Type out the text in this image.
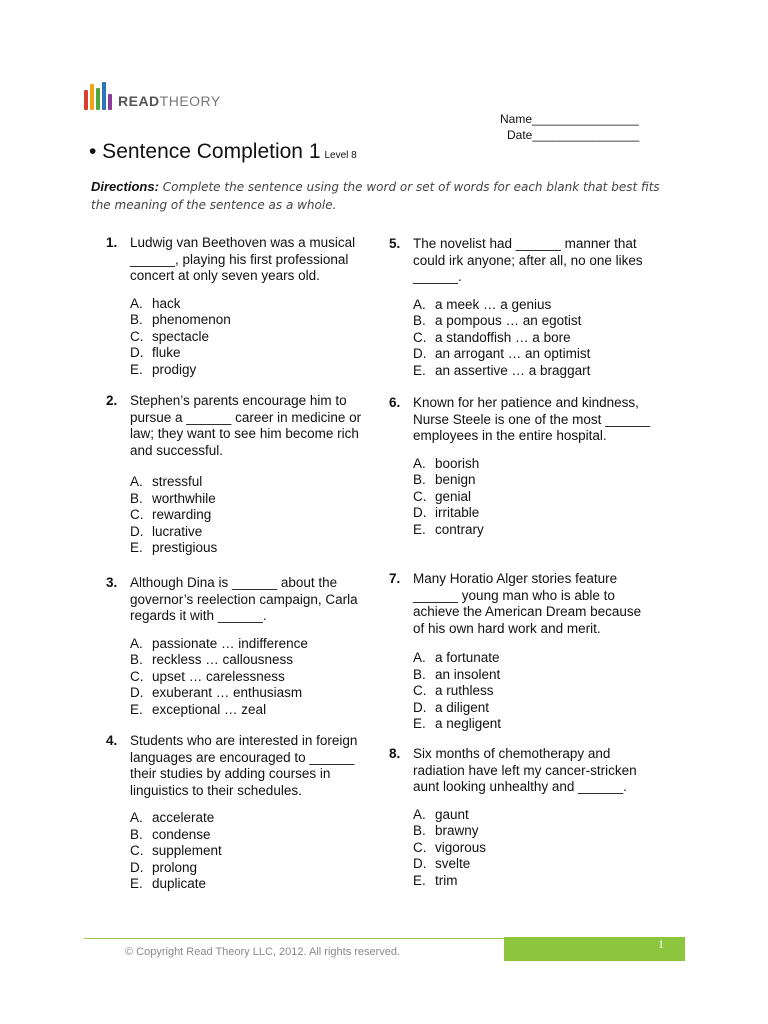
READTHEORY
Name________________
Date________________
• Sentence Completion 1 Level 8
Directions: Complete the sentence using the word or set of words for each blank that best fits the meaning of the sentence as a whole.
1. Ludwig van Beethoven was a musical ______, playing his first professional concert at only seven years old.

A. hack
B. phenomenon
C. spectacle
D. fluke
E. prodigy
2. Stephen’s parents encourage him to pursue a ______ career in medicine or law; they want to see him become rich and successful.

A. stressful
B. worthwhile
C. rewarding
D. lucrative
E. prestigious
3. Although Dina is ______ about the governor’s reelection campaign, Carla regards it with ______.

A. passionate … indifference
B. reckless … callousness
C. upset … carelessness
D. exuberant … enthusiasm
E. exceptional … zeal
4. Students who are interested in foreign languages are encouraged to ______ their studies by adding courses in linguistics to their schedules.

A. accelerate
B. condense
C. supplement
D. prolong
E. duplicate
5. The novelist had ______ manner that could irk anyone; after all, no one likes ______.

A. a meek … a genius
B. a pompous … an egotist
C. a standoffish … a bore
D. an arrogant … an optimist
E. an assertive … a braggart
6. Known for her patience and kindness, Nurse Steele is one of the most ______ employees in the entire hospital.

A. boorish
B. benign
C. genial
D. irritable
E. contrary
7. Many Horatio Alger stories feature ______ young man who is able to achieve the American Dream because of his own hard work and merit.

A. a fortunate
B. an insolent
C. a ruthless
D. a diligent
E. a negligent
8. Six months of chemotherapy and radiation have left my cancer-stricken aunt looking unhealthy and ______.

A. gaunt
B. brawny
C. vigorous
D. svelte
E. trim
1
© Copyright Read Theory LLC, 2012. All rights reserved.
